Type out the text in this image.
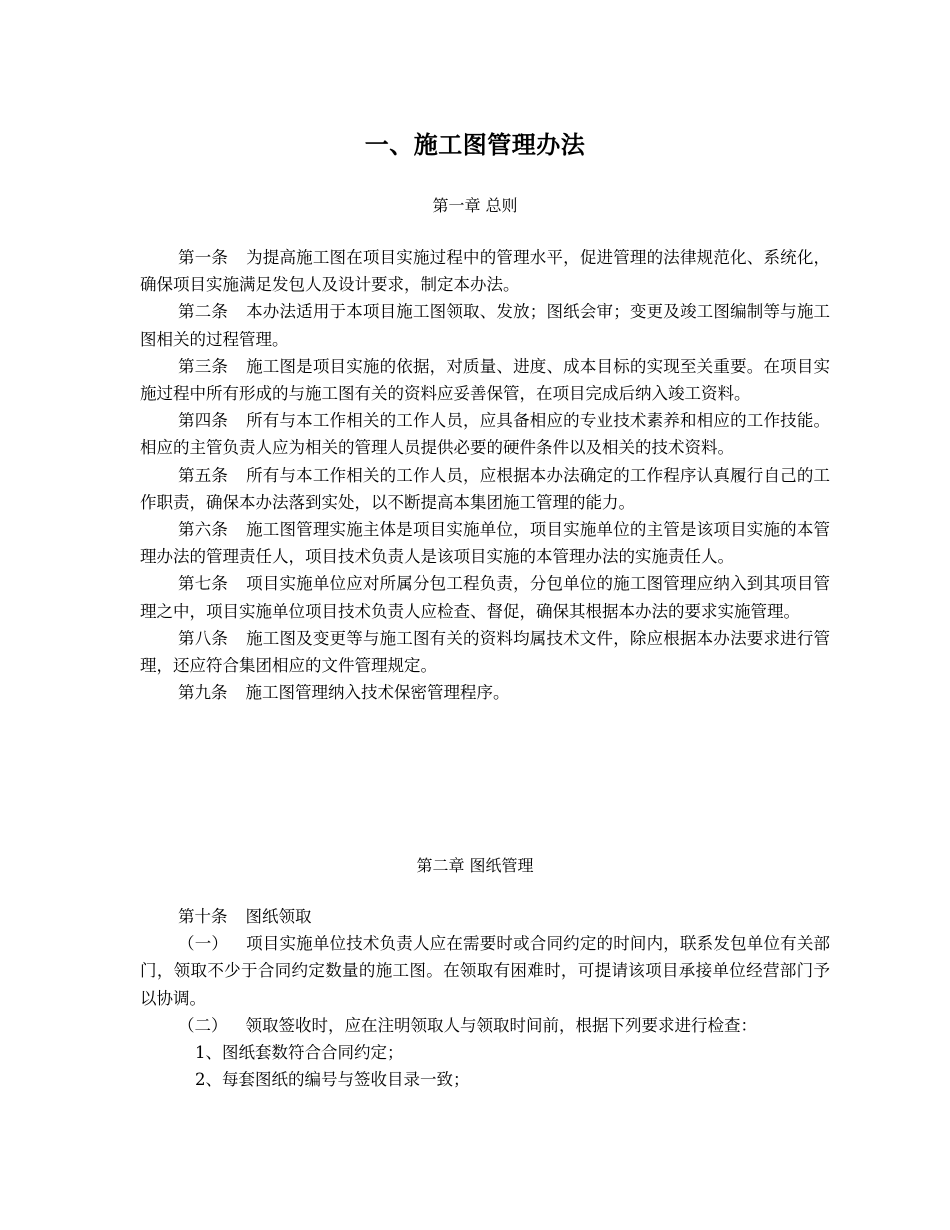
一、施工图管理办法
第一章 总则

第一条 为提高施工图在项目实施过程中的管理水平，促进管理的法律规范化、系统化，确保项目实施满足发包人及设计要求，制定本办法。

第二条 本办法适用于本项目施工图领取、发放；图纸会审；变更及竣工图编制等与施工图相关的过程管理。

第三条 施工图是项目实施的依据，对质量、进度、成本目标的实现至关重要。在项目实施过程中所有形成的与施工图有关的资料应妥善保管，在项目完成后纳入竣工资料。

第四条 所有与本工作相关的工作人员，应具备相应的专业技术素养和相应的工作技能。相应的主管负责人应为相关的管理人员提供必要的硬件条件以及相关的技术资料。

第五条 所有与本工作相关的工作人员，应根据本办法确定的工作程序认真履行自己的工作职责，确保本办法落到实处，以不断提高本集团施工管理的能力。

第六条 施工图管理实施主体是项目实施单位，项目实施单位的主管是该项目实施的本管理办法的管理责任人，项目技术负责人是该项目实施的本管理办法的实施责任人。

第七条 项目实施单位应对所属分包工程负责，分包单位的施工图管理应纳入到其项目管理之中，项目实施单位项目技术负责人应检查、督促，确保其根据本办法的要求实施管理。

第八条 施工图及变更等与施工图有关的资料均属技术文件，除应根据本办法要求进行管理，还应符合集团相应的文件管理规定。

第九条 施工图管理纳入技术保密管理程序。

第二章 图纸管理

第十条 图纸领取

（一） 项目实施单位技术负责人应在需要时或合同约定的时间内，联系发包单位有关部门，领取不少于合同约定数量的施工图。在领取有困难时，可提请该项目承接单位经营部门予以协调。

（二） 领取签收时，应在注明领取人与领取时间前，根据下列要求进行检查：

1、图纸套数符合合同约定；

2、每套图纸的编号与签收目录一致；
